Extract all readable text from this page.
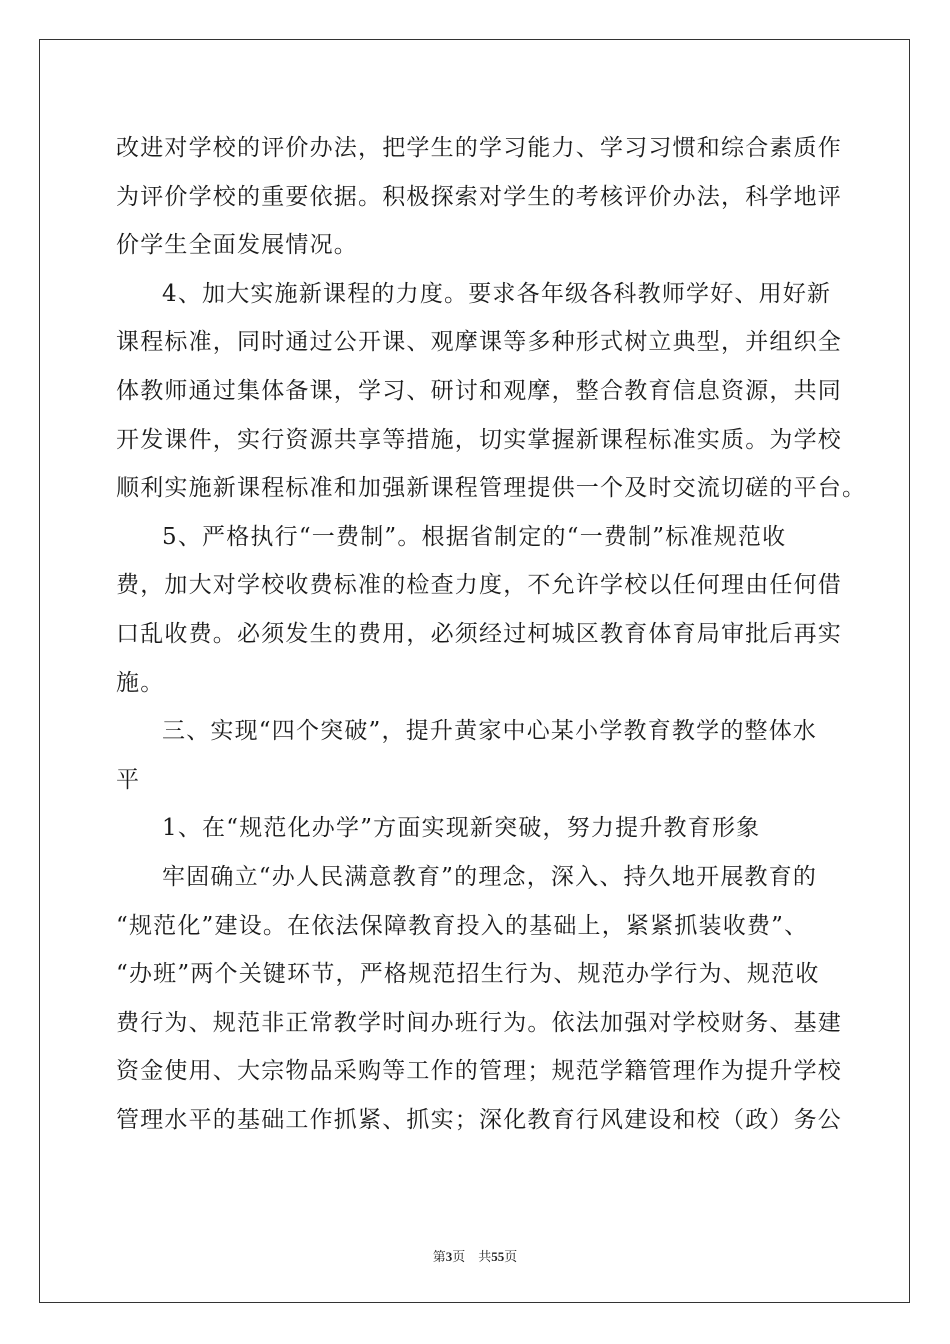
改进对学校的评价办法，把学生的学习能力、学习习惯和综合素质作
为评价学校的重要依据。积极探索对学生的考核评价办法，科学地评
价学生全面发展情况。
4、加大实施新课程的力度。要求各年级各科教师学好、用好新
课程标准，同时通过公开课、观摩课等多种形式树立典型，并组织全
体教师通过集体备课，学习、研讨和观摩，整合教育信息资源，共同
开发课件，实行资源共享等措施，切实掌握新课程标准实质。为学校
顺利实施新课程标准和加强新课程管理提供一个及时交流切磋的平台。
5、严格执行“一费制”。根据省制定的“一费制”标准规范收
费，加大对学校收费标准的检查力度，不允许学校以任何理由任何借
口乱收费。必须发生的费用，必须经过柯城区教育体育局审批后再实
施。
三、实现“四个突破”，提升黄家中心某小学教育教学的整体水
平
1、在“规范化办学”方面实现新突破，努力提升教育形象
牢固确立“办人民满意教育”的理念，深入、持久地开展教育的
“规范化”建设。在依法保障教育投入的基础上，紧紧抓装收费”、
“办班”两个关键环节，严格规范招生行为、规范办学行为、规范收
费行为、规范非正常教学时间办班行为。依法加强对学校财务、基建
资金使用、大宗物品采购等工作的管理；规范学籍管理作为提升学校
管理水平的基础工作抓紧、抓实；深化教育行风建设和校（政）务公
第3页　共55页
